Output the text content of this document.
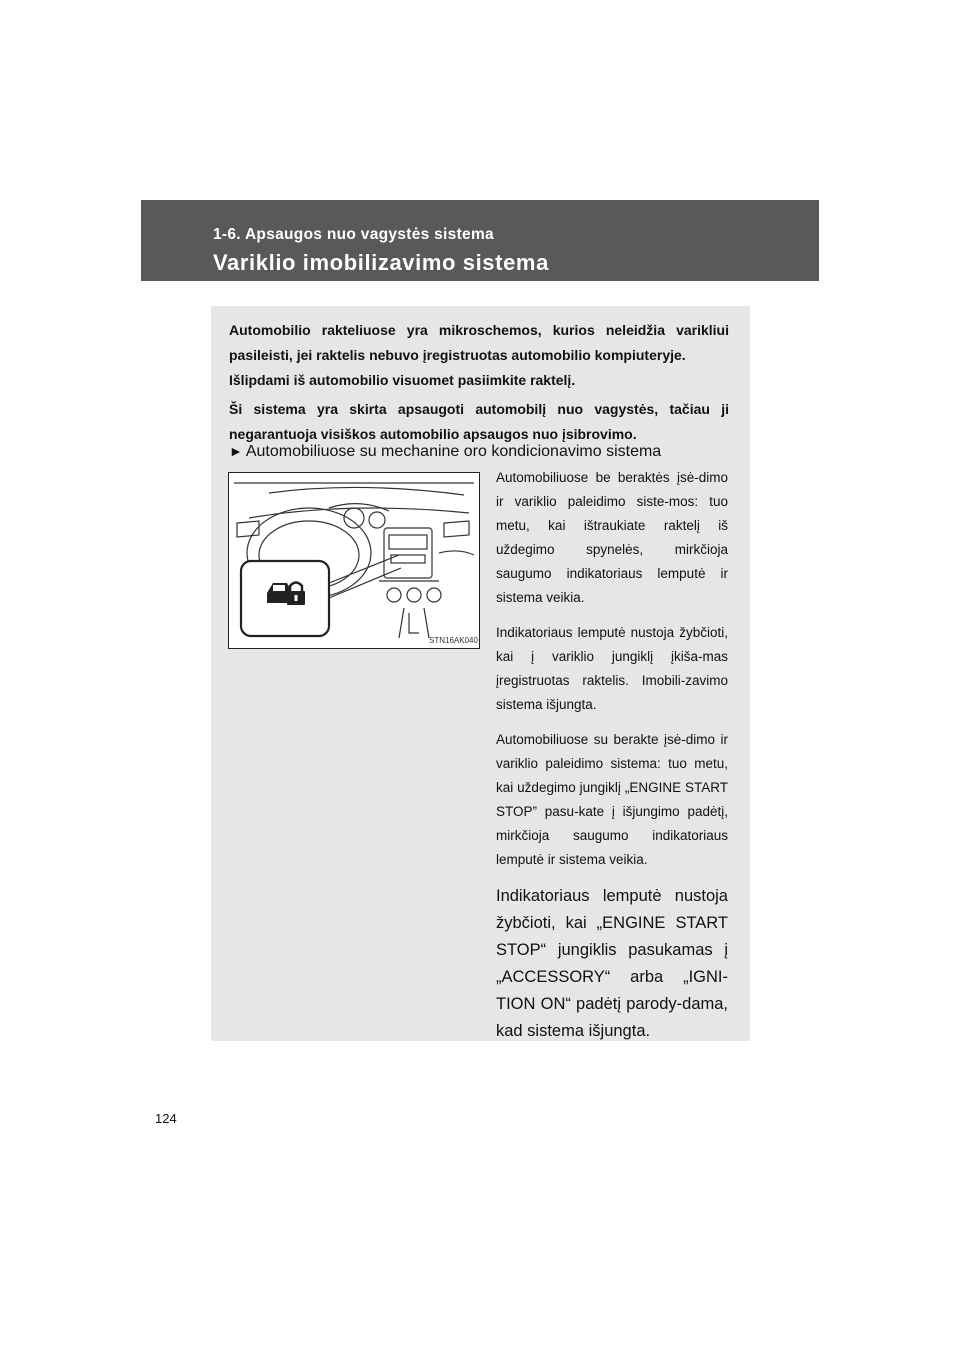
1-6. Apsaugos nuo vagystės sistema
Variklio imobilizavimo sistema

Automobilio rakteliuose yra mikroschemos, kurios neleidžia varikliui pasileisti, jei raktelis nebuvo įregistruotas automobilio kompiuteryje.

Išlipdami iš automobilio visuomet pasiimkite raktelį.

Ši sistema yra skirta apsaugoti automobilį nuo vagystės, tačiau ji negarantuoja visiškos automobilio apsaugos nuo įsibrovimo.

► Automobiliuose su mechanine oro kondicionavimo sistema
STN16AK040

Automobiliuose be beraktės įsė-dimo ir variklio paleidimo siste-mos: tuo metu, kai ištraukiate raktelį iš uždegimo spynelės, mirkčioja saugumo indikatoriaus lemputė ir sistema veikia.

Indikatoriaus lemputė nustoja žybčioti, kai į variklio jungiklį įkiša-mas įregistruotas raktelis. Imobili-zavimo sistema išjungta.

Automobiliuose su berakte įsė-dimo ir variklio paleidimo sistema: tuo metu, kai uždegimo jungiklį „ENGINE START STOP” pasu-kate į išjungimo padėtį, mirkčioja saugumo indikatoriaus lemputė ir sistema veikia.

Indikatoriaus lemputė nustoja žybčioti, kai „ENGINE START STOP“ jungiklis pasukamas į „ACCESSORY“ arba „IGNI-TION ON“ padėtį parody-dama, kad sistema išjungta.

124
